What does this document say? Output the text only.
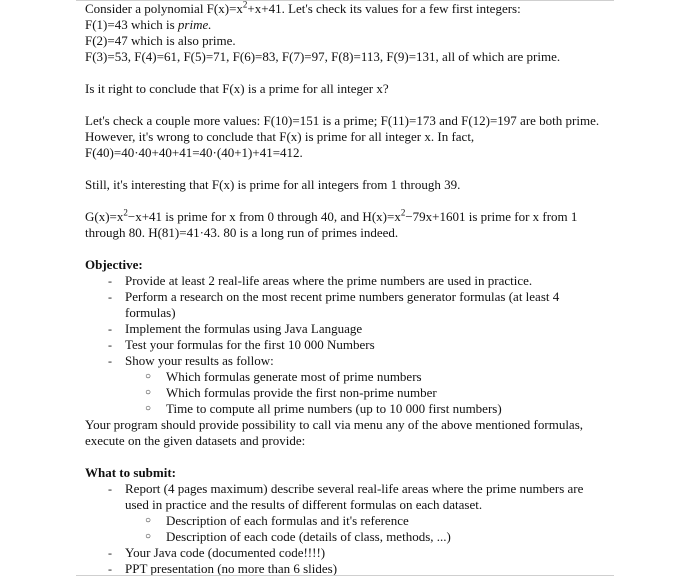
Consider a polynomial $F(x)=x^2+x+41$. Let's check its values for a few first integers:

F(1)=43 which is prime.

F(2)=47 which is also prime.

F(3)=53, F(4)=61, F(5)=71, F(6)=83, F(7)=97, F(8)=113, F(9)=131, all of which are prime.

Is it right to conclude that F(x) is a prime for all integer x?

Let's check a couple more values: F(10)=151 is a prime; F(11)=173 and F(12)=197 are both prime. However, it's wrong to conclude that F(x) is prime for all integer x. In fact, F(40)=40·40+40+41=40·(40+1)+41=412.

Still, it's interesting that F(x) is prime for all integers from 1 through 39.

$G(x)=x^2-x+41$ is prime for x from 0 through 40, and $H(x)=x^2-79x+1601$ is prime for x from 1 through 80. H(81)=41·43. 80 is a long run of primes indeed.

Objective:
- Provide at least 2 real-life areas where the prime numbers are used in practice.
- Perform a research on the most recent prime numbers generator formulas (at least 4 formulas)
- Implement the formulas using Java Language
- Test your formulas for the first 10 000 Numbers
- Show your results as follow:
○ Which formulas generate most of prime numbers
○ Which formulas provide the first non-prime number
○ Time to compute all prime numbers (up to 10 000 first numbers)

Your program should provide possibility to call via menu any of the above mentioned formulas, execute on the given datasets and provide:

What to submit:
- Report (4 pages maximum) describe several real-life areas where the prime numbers are used in practice and the results of different formulas on each dataset.
○ Description of each formulas and it's reference
○ Description of each code (details of class, methods, ...)
- Your Java code (documented code!!!!)
- PPT presentation (no more than 6 slides)
